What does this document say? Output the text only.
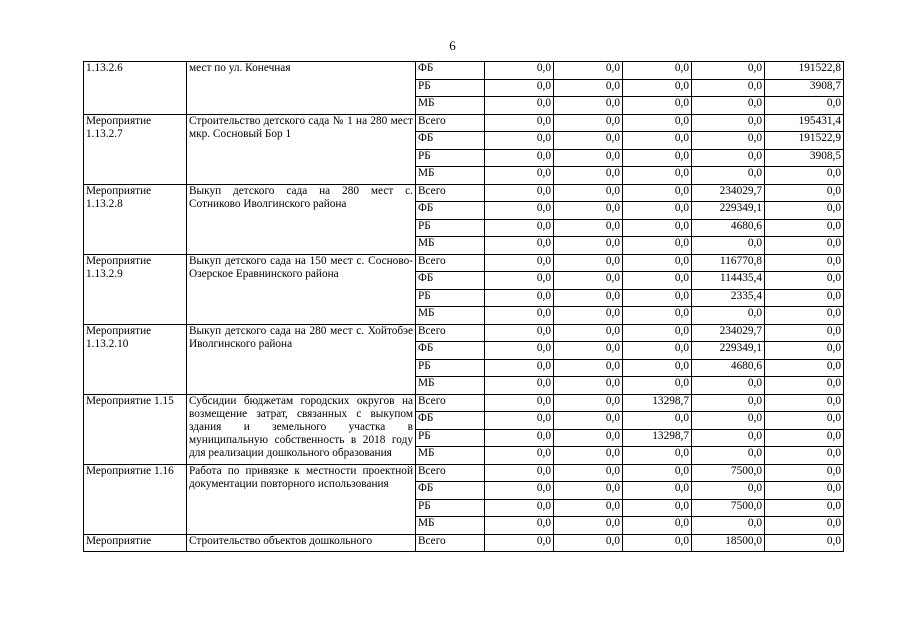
6
1.13.2.6	мест по ул. Конечная	ФБ	0,0	0,0	0,0	0,0	191522,8
		РБ	0,0	0,0	0,0	0,0	3908,7
		МБ	0,0	0,0	0,0	0,0	0,0
Мероприятие 1.13.2.7	Строительство детского сада № 1 на 280 мест мкр. Сосновый Бор 1	Всего	0,0	0,0	0,0	0,0	195431,4
		ФБ	0,0	0,0	0,0	0,0	191522,9
		РБ	0,0	0,0	0,0	0,0	3908,5
		МБ	0,0	0,0	0,0	0,0	0,0
Мероприятие 1.13.2.8	Выкуп детского сада на 280 мест с. Сотниково Иволгинского района	Всего	0,0	0,0	0,0	234029,7	0,0
		ФБ	0,0	0,0	0,0	229349,1	0,0
		РБ	0,0	0,0	0,0	4680,6	0,0
		МБ	0,0	0,0	0,0	0,0	0,0
Мероприятие 1.13.2.9	Выкуп детского сада на 150 мест с. Сосново-Озерское Еравнинского района	Всего	0,0	0,0	0,0	116770,8	0,0
		ФБ	0,0	0,0	0,0	114435,4	0,0
		РБ	0,0	0,0	0,0	2335,4	0,0
		МБ	0,0	0,0	0,0	0,0	0,0
Мероприятие 1.13.2.10	Выкуп детского сада на 280 мест с. Хойтобэе Иволгинского района	Всего	0,0	0,0	0,0	234029,7	0,0
		ФБ	0,0	0,0	0,0	229349,1	0,0
		РБ	0,0	0,0	0,0	4680,6	0,0
		МБ	0,0	0,0	0,0	0,0	0,0
Мероприятие 1.15	Субсидии бюджетам городских округов на возмещение затрат, связанных с выкупом здания и земельного участка в муниципальную собственность в 2018 году для реализации дошкольного образования	Всего	0,0	0,0	13298,7	0,0	0,0
		ФБ	0,0	0,0	0,0	0,0	0,0
		РБ	0,0	0,0	13298,7	0,0	0,0
		МБ	0,0	0,0	0,0	0,0	0,0
Мероприятие 1.16	Работа по привязке к местности проектной документации повторного использования	Всего	0,0	0,0	0,0	7500,0	0,0
		ФБ	0,0	0,0	0,0	0,0	0,0
		РБ	0,0	0,0	0,0	7500,0	0,0
		МБ	0,0	0,0	0,0	0,0	0,0
Мероприятие	Строительство объектов дошкольного	Всего	0,0	0,0	0,0	18500,0	0,0
